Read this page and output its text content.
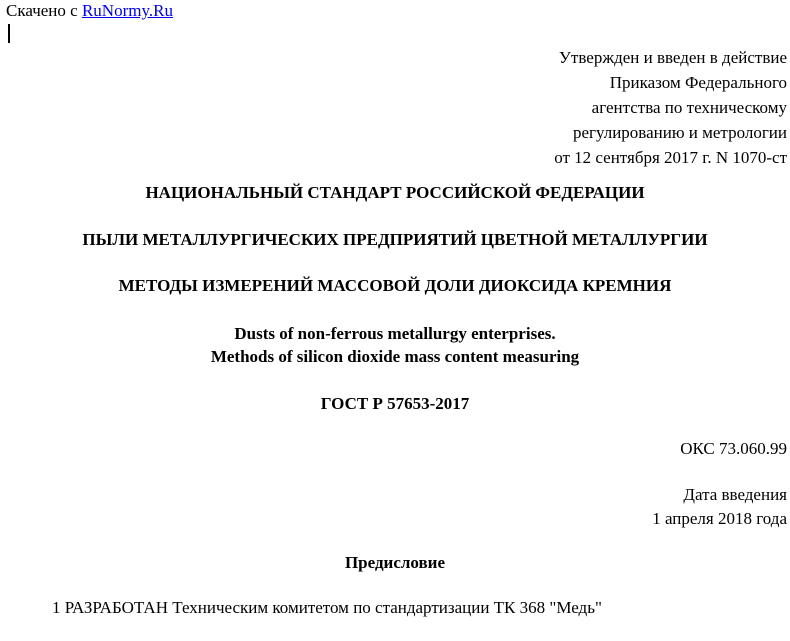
Скачено с RuNormy.Ru
Утвержден и введен в действие
Приказом Федерального
агентства по техническому
регулированию и метрологии
от 12 сентября 2017 г. N 1070-ст
НАЦИОНАЛЬНЫЙ СТАНДАРТ РОССИЙСКОЙ ФЕДЕРАЦИИ
ПЫЛИ МЕТАЛЛУРГИЧЕСКИХ ПРЕДПРИЯТИЙ ЦВЕТНОЙ МЕТАЛЛУРГИИ
МЕТОДЫ ИЗМЕРЕНИЙ МАССОВОЙ ДОЛИ ДИОКСИДА КРЕМНИЯ
Dusts of non-ferrous metallurgy enterprises.
Methods of silicon dioxide mass content measuring
ГОСТ Р 57653-2017
ОКС 73.060.99
Дата введения
1 апреля 2018 года
Предисловие
1 РАЗРАБОТАН Техническим комитетом по стандартизации ТК 368 "Медь"
